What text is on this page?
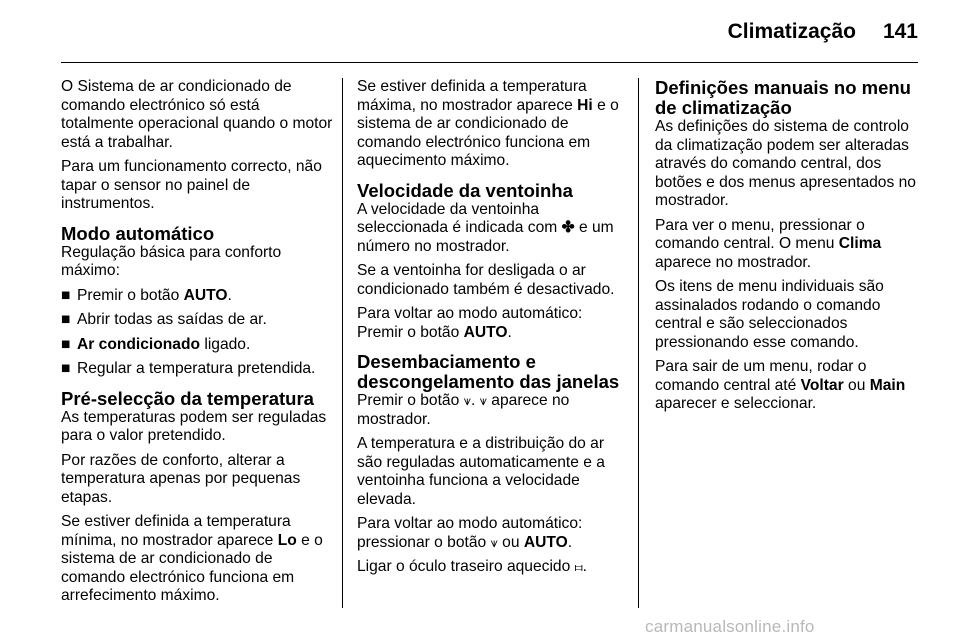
Climatização 141

O Sistema de ar condicionado de comando electrónico só está totalmente operacional quando o motor está a trabalhar.

Para um funcionamento correcto, não tapar o sensor no painel de instrumentos.

Modo automático

Regulação básica para conforto máximo:

■ Premir o botão AUTO.
■ Abrir todas as saídas de ar.
■ Ar condicionado ligado.
■ Regular a temperatura pretendida.
Pré-selecção da temperatura

As temperaturas podem ser reguladas para o valor pretendido.

Por razões de conforto, alterar a temperatura apenas por pequenas etapas.

Se estiver definida a temperatura mínima, no mostrador aparece Lo e o sistema de ar condicionado de comando electrónico funciona em arrefecimento máximo.

Se estiver definida a temperatura máxima, no mostrador aparece Hi e o sistema de ar condicionado de comando electrónico funciona em aquecimento máximo.

Velocidade da ventoinha

A velocidade da ventoinha seleccionada é indicada com ✤ e um número no mostrador.

Se a ventoinha for desligada o ar condicionado também é desactivado.

Para voltar ao modo automático: Premir o botão AUTO.

Desembaciamento e descongelamento das janelas

Premir o botão ⩛. ⩛ aparece no mostrador.

A temperatura e a distribuição do ar são reguladas automaticamente e a ventoinha funciona a velocidade elevada.

Para voltar ao modo automático: pressionar o botão ⩛ ou AUTO.

Ligar o óculo traseiro aquecido ⧦.

Definições manuais no menu de climatização

As definições do sistema de controlo da climatização podem ser alteradas através do comando central, dos botões e dos menus apresentados no mostrador.

Para ver o menu, pressionar o comando central. O menu Clima aparece no mostrador.

Os itens de menu individuais são assinalados rodando o comando central e são seleccionados pressionando esse comando.

Para sair de um menu, rodar o comando central até Voltar ou Main aparecer e seleccionar.

carmanualsonline.info
